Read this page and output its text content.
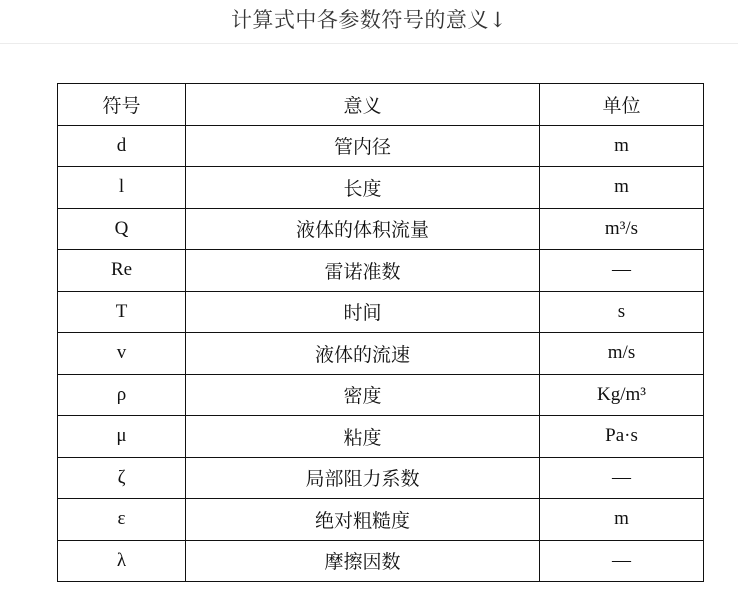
计算式中各参数符号的意义↓
符号	意义	单位
d	管内径	m
l	长度	m
Q	液体的体积流量	m³/s
Re	雷诺准数	—
T	时间	s
v	液体的流速	m/s
ρ	密度	Kg/m³
μ	粘度	Pa·s
ζ	局部阻力系数	—
ε	绝对粗糙度	m
λ	摩擦因数	—
